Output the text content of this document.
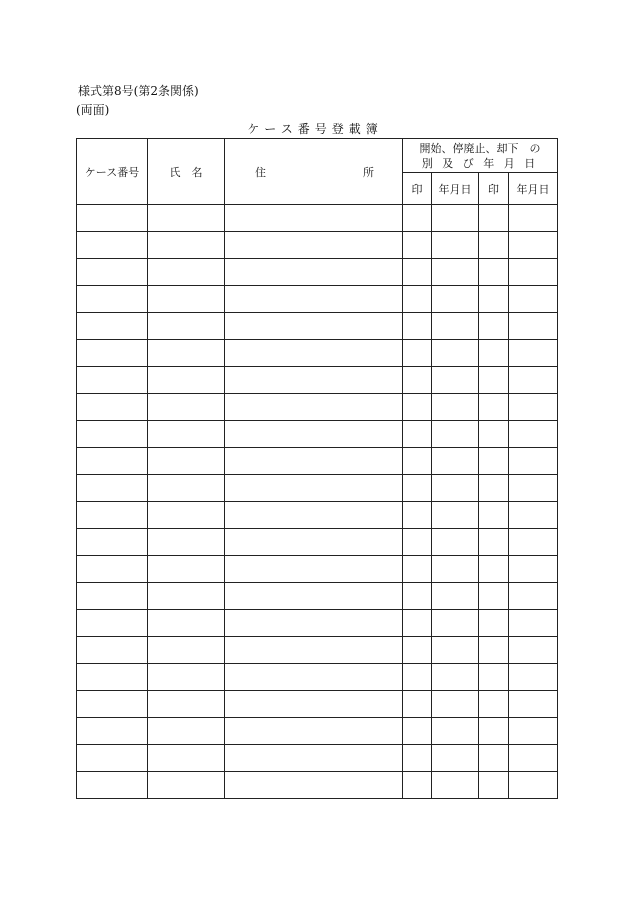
様式第8号(第2条関係)
(両面)
ケース番号登載簿
ケース番号	氏　名	住 所	開始、停廃止、却下　の
別 及 び 年 月 日			

			印	年月日	印	年月日
